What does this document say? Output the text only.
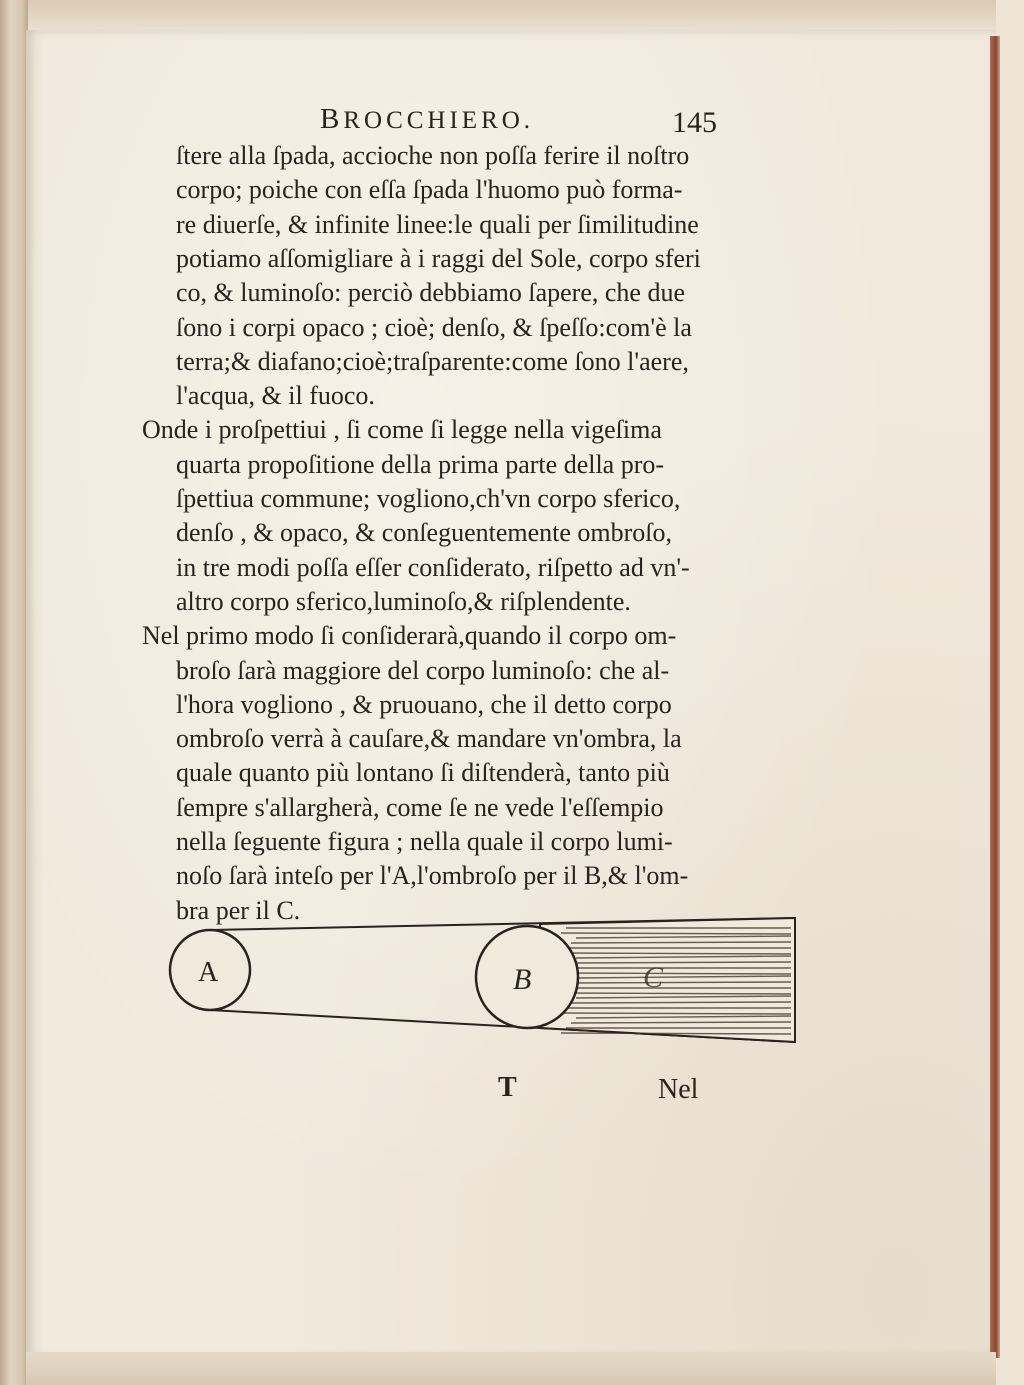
BROCCHIERO.	145
ſtere alla ſpada, accioche non poſſa ferire il noſtro
corpo; poiche con eſſa ſpada l'huomo può forma-
re diuerſe, & infinite linee:le quali per ſimilitudine
potiamo aſſomigliare à i raggi del Sole, corpo sferi
co, & luminoſo: perciò debbiamo ſapere, che due
ſono i corpi opaco ; cioè; denſo, & ſpeſſo:com'è la
terra;& diafano;cioè;traſparente:come ſono l'aere,
l'acqua, & il fuoco.
Onde i proſpettiui , ſi come ſi legge nella vigeſima
quarta propoſitione della prima parte della pro-
ſpettiua commune; vogliono,ch'vn corpo sferico,
denſo , & opaco, & conſeguentemente ombroſo,
in tre modi poſſa eſſer conſiderato, riſpetto ad vn'-
altro corpo sferico,luminoſo,& riſplendente.
Nel primo modo ſi conſiderarà,quando il corpo om-
broſo ſarà maggiore del corpo luminoſo: che al-
l'hora vogliono , & pruouano, che il detto corpo
ombroſo verrà à cauſare,& mandare vn'ombra, la
quale quanto più lontano ſi diſtenderà, tanto più
ſempre s'allargherà, come ſe ne vede l'eſſempio
nella ſeguente figura ; nella quale il corpo lumi-
noſo ſarà inteſo per l'A,l'ombroſo per il B,& l'om-
bra per il C.
A	B	C
T	Nel
